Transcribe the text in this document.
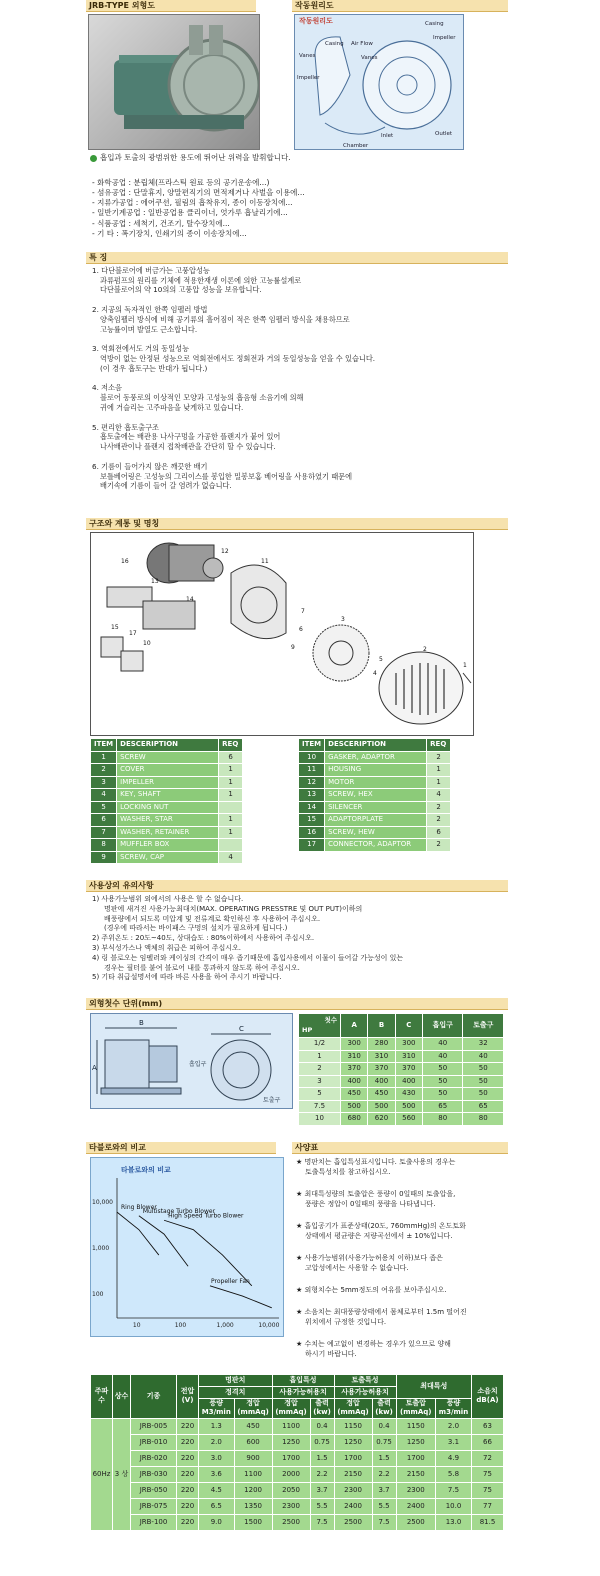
JRB-TYPE 외형도	작동원리도
작동원리도
Casing Air Flow
Casing
Impeller
Vanes
Impeller
Vanes
Inlet	Outlet
Chamber
흡입과 토출의 광범위한 용도에 뛰어난 위력을 발휘합니다.
- 화학공업 : 분립체(프라스틱 원료 등의 공기운송에...)
- 섬유공업 : 단말휴지, 양말편직기의 면적제거나 사벌을 이용에...
- 지류가공업 : 에어쿠션, 필림의 흡착유지, 종이 이동장치에...
- 일반기계공업 : 일반공업용 클리이너, 엇가루 흡날리기에...
- 식품공업 : 세척기, 건조기, 탈수장치에...
- 기 타 : 폭기장치, 인쇄기의 종이 이송장치에...
특 징
1. 다단블로어에 버금가는 고풍압성능
과류펌프의 원리를 기체에 적용한재생 이론에 의한 고능률설계로
다단블로어의 약 10의의 고풍압 성능을 보유합니다.
2. 지공의 독자적인 한쪽 임펠러 방법
양축임펠러 방식에 비해 공기류의 흘어짐이 적은 한쪽 임펠러 방식을 채용하므로
고능률이며 발열도 근소합니다.
3. 역회전에서도 거의 동일성능
역방이 없는 안정된 성능으로 역회전에서도 정회전과 거의 동일성능을 얻을 수 있습니다.
(이 경우 흡토구는 반대가 됩니다.)
4. 저소음
블로어 동풍로의 이상적인 모양과 고성능의 흡음형 소음기에 의해
귀에 거슬리는 고주파음을 낮게하고 있습니다.
5. 편리한 흡토출구조
흡토출에는 배관용 나사구멍을 가공한 플랜지가 붙어 있어
나사배관이나 플랜지 접착배관을 간단히 할 수 있습니다.
6. 기름이 들어가지 않은 깨끗한 배기
보틀베어링은 고성능의 그리이스를 봉입한 밀봉보홈 베어링을 사용하였기 때문에
배기속에 기름이 들어 갈 염려가 없습니다.
구조와 계통 및 명칭
16
15
12
11
14
13
10
17
7
6
9
5
4
3
2
1
ITEM	DESCERIPTION	REQ
1	SCREW	6
2	COVER	1
3	IMPELLER	1
4	KEY, SHAFT	1
5	LOCKING NUT	
6	WASHER, STAR	1
7	WASHER, RETAINER	1
8	MUFFLER BOX	
9	SCREW, CAP	4
ITEM	DESCERIPTION	REQ
10	GASKER, ADAPTOR	2
11	HOUSING	1
12	MOTOR	1
13	SCREW, HEX	4
14	SILENCER	2
15	ADAPTORPLATE	2
16	SCREW, HEW	6
17	CONNECTOR, ADAPTOR	2
사용상의 유의사항
1) 사용가능범위 외에서의 사용은 할 수 없습니다.
명판에 새겨진 사용가능최대치(MAX. OPERATING PRESSTRE 및 OUT PUT)이하의
배풍량에서 되도록 미압계 및 전류계로 확인하신 후 사용하여 주십시오.
(경우에 따라서는 바이패스 구멍의 설치가 필요하게 됩니다.)
2) 주위온도 : 20도~40도, 상대습도 : 80%이하에서 사용하여 주십시오.
3) 부식성가스나 액체의 취급은 피하여 주십시오.
4) 링 블로오는 임펠러와 케이싱의 간격이 매우 좁기때문에 흡입사용에서 이물이 들어갈 가능성이 있는
경우는 필터를 붙여 블로어 내를 통과하지 않도록 하여 주십시오.
5) 기타 취급설명서에 따라 바른 사용을 하여 주시기 바랍니다.
외형첫수 단위(mm)
B
A
C
흡입구
토출구
HP
첫수	A	B	C	흡입구	토출구
1/2	300	280	300	40	32
1	310	310	310	40	40
2	370	370	370	50	50
3	400	400	400	50	50
5	450	450	430	50	50
7.5	500	500	500	65	65
10	680	620	560	80	80
타블로와의 비교	사양표
타블로와의 비교
10	100	1,000	10,000
10,000
1,000
100
Ring Blower
Multistage Turbo Blower
High Speed Turbo Blower
Propeller Fan
★ 명판치는 흡입특성표시입니다. 토출사용의 경우는
토출특성치를 참고하십시오.
★ 최대특성량의 토출압은 풍량이 0일때의 토출압을,
풍량은 정압이 0일때의 풍량을 나타냅니다.
★ 흡입공기가 표준상태(20도, 760mmHg)의 온도토화
상태에서 평균량은 저량곡선에서 ± 10%입니다.
★ 사용가능범위(사용가능허용치 이하)보다 좁은
고압성에서는 사용할 수 없습니다.
★ 외형치수는 5mm정도의 여유를 보아주십시오.
★ 소음치는 최대풍량상태에서 몸체로부터 1.5m 떨어진
위치에서 규정한 것입니다.
★ 수치는 예고없이 변경하는 경우가 있으므로 양해
하시기 바랍니다.
주파수	상수	기종	전압 (V)	명판치		흡입특성		토출특성		최대특성		소음치 dB(A)
				정격치		사용가능허용치		사용가능허용치				
				풍량 M3/min	정압 (mmAq)	정압 (mmAq)	출력 (kw)	정압 (mmAq)	출력 (kw)	토출압 (mmAq)	풍량 m3/min	
60Hz	3 상	JRB-005	220	1.3	450	1100	0.4	1150	0.4	1150	2.0	63
		JRB-010	220	2.0	600	1250	0.75	1250	0.75	1250	3.1	66
		JRB-020	220	3.0	900	1700	1.5	1700	1.5	1700	4.9	72
		JRB-030	220	3.6	1100	2000	2.2	2150	2.2	2150	5.8	75
		JRB-050	220	4.5	1200	2050	3.7	2300	3.7	2300	7.5	75
		JRB-075	220	6.5	1350	2300	5.5	2400	5.5	2400	10.0	77
		JRB-100	220	9.0	1500	2500	7.5	2500	7.5	2500	13.0	81.5
